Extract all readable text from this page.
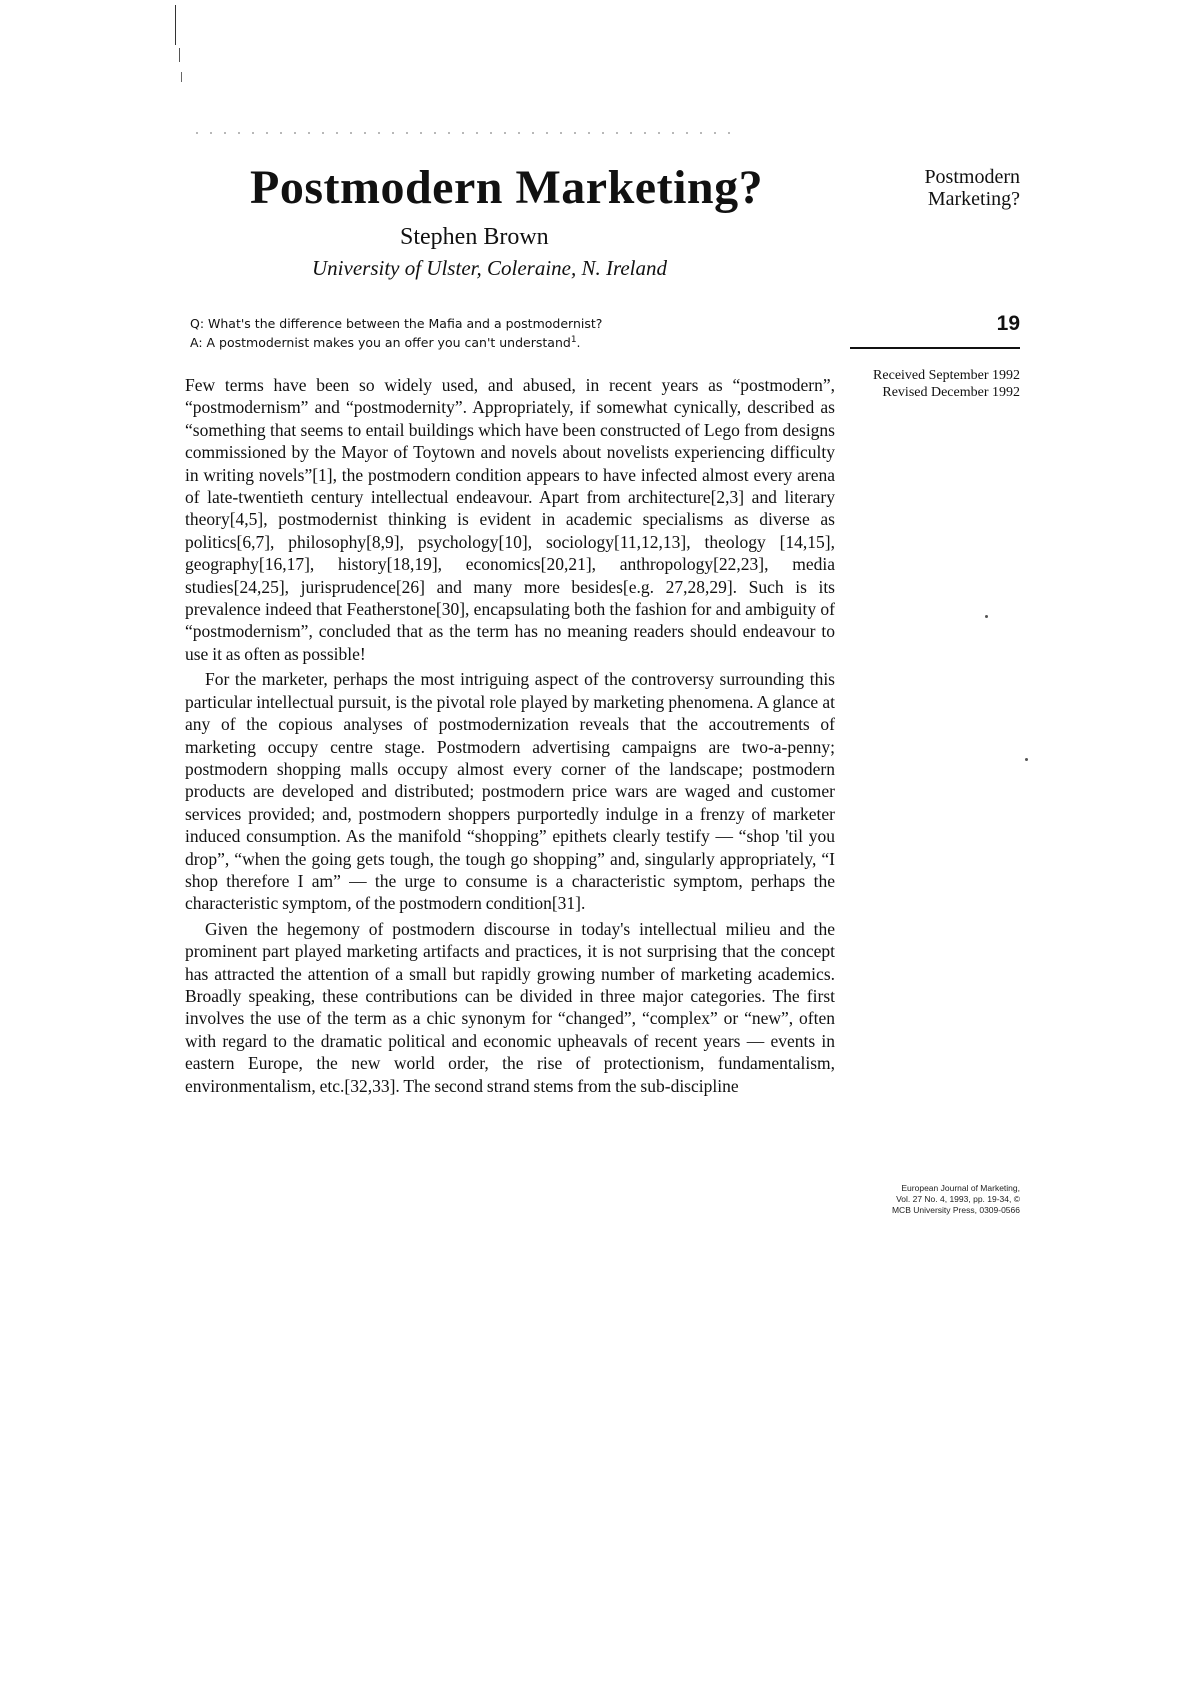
Postmodern Marketing?
Stephen Brown
University of Ulster, Coleraine, N. Ireland
Postmodern
Marketing?
19
Received September 1992
Revised December 1992
Q: What's the difference between the Mafia and a postmodernist?
A: A postmodernist makes you an offer you can't understand$^1$.

Few terms have been so widely used, and abused, in recent years as “postmodern”, “postmodernism” and “postmodernity”. Appropriately, if somewhat cynically, described as “something that seems to entail buildings which have been constructed of Lego from designs commissioned by the Mayor of Toytown and novels about novelists experiencing difficulty in writing novels”[1], the postmodern condition appears to have infected almost every arena of late-twentieth century intellectual endeavour. Apart from architecture[2,3] and literary theory[4,5], postmodernist thinking is evident in academic specialisms as diverse as politics[6,7], philosophy[8,9], psychology[10], sociology[11,12,13], theology [14,15], geography[16,17], history[18,19], economics[20,21], anthropology[22,23], media studies[24,25], jurisprudence[26] and many more besides[e.g. 27,28,29]. Such is its prevalence indeed that Featherstone[30], encapsulating both the fashion for and ambiguity of “postmodernism”, concluded that as the term has no meaning readers should endeavour to use it as often as possible!

For the marketer, perhaps the most intriguing aspect of the controversy surrounding this particular intellectual pursuit, is the pivotal role played by marketing phenomena. A glance at any of the copious analyses of postmodernization reveals that the accoutrements of marketing occupy centre stage. Postmodern advertising campaigns are two-a-penny; postmodern shopping malls occupy almost every corner of the landscape; postmodern products are developed and distributed; postmodern price wars are waged and customer services provided; and, postmodern shoppers purportedly indulge in a frenzy of marketer induced consumption. As the manifold “shopping” epithets clearly testify — “shop 'til you drop”, “when the going gets tough, the tough go shopping” and, singularly appropriately, “I shop therefore I am” — the urge to consume is a characteristic symptom, perhaps the characteristic symptom, of the postmodern condition[31].

Given the hegemony of postmodern discourse in today's intellectual milieu and the prominent part played marketing artifacts and practices, it is not surprising that the concept has attracted the attention of a small but rapidly growing number of marketing academics. Broadly speaking, these contributions can be divided in three major categories. The first involves the use of the term as a chic synonym for “changed”, “complex” or “new”, often with regard to the dramatic political and economic upheavals of recent years — events in eastern Europe, the new world order, the rise of protectionism, fundamentalism, environmentalism, etc.[32,33]. The second strand stems from the sub-discipline

European Journal of Marketing,
Vol. 27 No. 4, 1993, pp. 19-34, ©
MCB University Press, 0309-0566
